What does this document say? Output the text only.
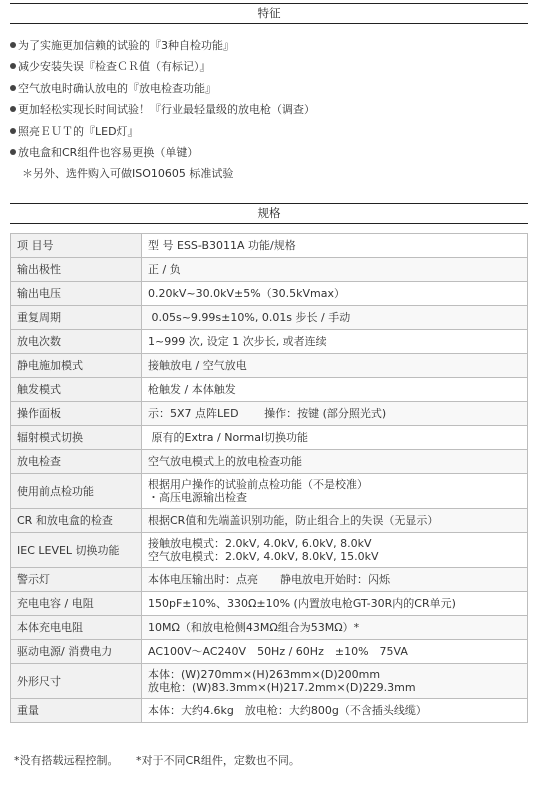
特征
为了实施更加信赖的试验的『3种自检功能』
减少安装失误『检查ＣＲ值（有标记）』
空气放电时确认放电的『放电检查功能』
更加轻松实现长时间试验！『行业最轻量级的放电枪（调查）
照亮ＥＵＴ的『LED灯』
放电盒和CR组件也容易更换（单键）
＊另外、选件购入可做ISO10605 标准试验
规格
项 目号	型 号 ESS-B3011A 功能/规格

输出极性	正 / 负

输出电压	0.20kV~30.0kV±5%（30.5kVmax）

重复周期	0.05s~9.99s±10%, 0.01s 步长 / 手动

放电次数	1~999 次, 设定 1 次步长, 或者连续

静电施加模式	接触放电 / 空气放电

触发模式	枪触发 / 本体触发

操作面板	示：5X7 点阵LED　　 操作：按键 (部分照光式)

辐射模式切换	原有的Extra / Normal切换功能

放电检查	空气放电模式上的放电检查功能

使用前点检功能	根据用户操作的试验前点检功能（不是校准）
・高压电源输出检查

CR 和放电盒的检查	根据CR值和先端盖识别功能，防止组合上的失误（无显示）

IEC LEVEL 切换功能	接触放电模式：2.0kV, 4.0kV, 6.0kV, 8.0kV
空气放电模式：2.0kV, 4.0kV, 8.0kV, 15.0kV

警示灯	本体电压输出时：点亮　　静电放电开始时：闪烁

充电电容 / 电阻	150pF±10%、330Ω±10% (内置放电枪GT-30R内的CR单元)

本体充电电阻	10MΩ（和放电枪侧43MΩ组合为53MΩ）*

驱动电源/ 消费电力	AC100V～AC240V　50Hz / 60Hz　±10%　75VA

外形尺寸	本体：(W)270mm×(H)263mm×(D)200mm
放电枪：(W)83.3mm×(H)217.2mm×(D)229.3mm

重量	本体：大约4.6kg　放电枪：大约800g（不含插头线缆）
*没有搭载远程控制。 *对于不同CR组件，定数也不同。
